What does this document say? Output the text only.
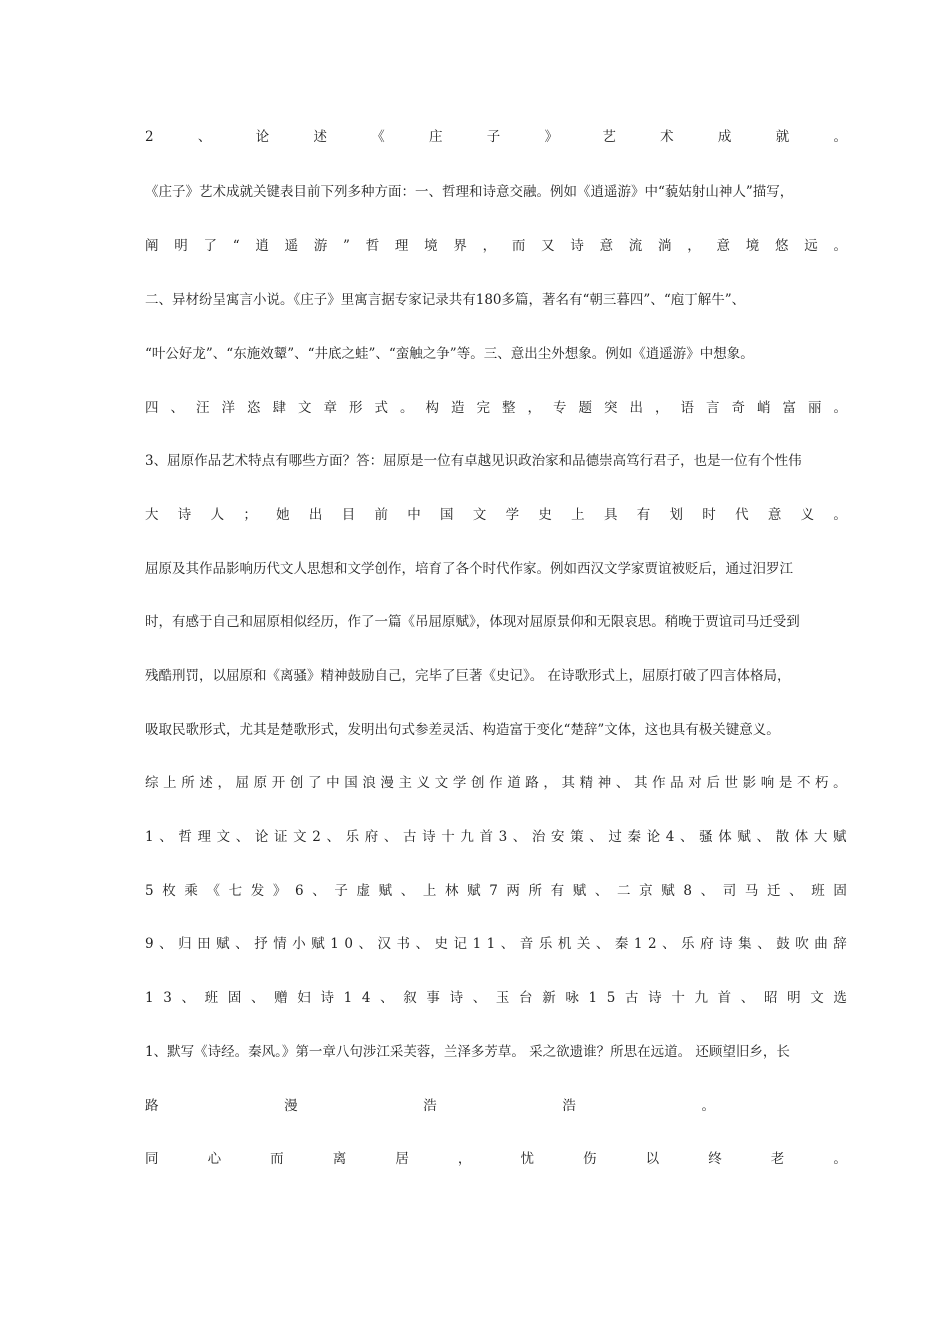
2	、	论	述	《	庄	子	》	艺	术	成	就	。
《庄子》艺术成就关键表目前下列多种方面：一、哲理和诗意交融。例如《逍遥游》中“藐姑射山神人”描写，
阐 明 了 “ 逍 遥 游 ” 哲 理 境 界 ， 而 又 诗 意 流 淌 ， 意 境 悠 远 。
二、异材纷呈寓言小说。《庄子》里寓言据专家记录共有180多篇，著名有“朝三暮四”、“庖丁解牛”、
“叶公好龙”、“东施效颦”、“井底之蛙”、“蛮触之争”等。三、意出尘外想象。例如《逍遥游》中想象。
四 、 汪 洋 恣 肆 文 章 形 式 。 构 造 完 整 ， 专 题 突 出 ， 语 言 奇 峭 富 丽 。
3、屈原作品艺术特点有哪些方面？答：屈原是一位有卓越见识政治家和品德崇高笃行君子，也是一位有个性伟
大 诗 人 ； 她 出 目 前 中 国 文 学 史 上 具 有 划 时 代 意 义 。
屈原及其作品影响历代文人思想和文学创作，培育了各个时代作家。例如西汉文学家贾谊被贬后，通过汨罗江
时，有感于自己和屈原相似经历，作了一篇《吊屈原赋》，体现对屈原景仰和无限哀思。稍晚于贾谊司马迁受到
残酷刑罚，以屈原和《离骚》精神鼓励自己，完毕了巨著《史记》。 在诗歌形式上，屈原打破了四言体格局，
吸取民歌形式，尤其是楚歌形式，发明出句式参差灵活、构造富于变化“楚辞”文体，这也具有极关键意义。
综 上 所 述 ， 屈 原 开 创 了 中 国 浪 漫 主 义 文 学 创 作 道 路 ， 其 精 神 、 其 作 品 对 后 世 影 响 是 不 朽 。
1 、 哲 理 文 、 论 证 文 2 、 乐 府 、 古 诗 十 九 首 3 、 治 安 策 、 过 秦 论 4 、 骚 体 赋 、 散 体 大 赋
5 枚 乘 《 七 发 》 6 、 子 虚 赋 、 上 林 赋 7 两 所 有 赋 、 二 京 赋 8 、 司 马 迁 、 班 固
9 、 归 田 赋 、 抒 情 小 赋 1 0 、 汉 书 、 史 记 1 1 、 音 乐 机 关 、 秦 1 2 、 乐 府 诗 集 、 鼓 吹 曲 辞
1 3 、 班 固 、 赠 妇 诗 1 4 、 叙 事 诗 、 玉 台 新 咏 1 5 古 诗 十 九 首 、 昭 明 文 选
1、默写《诗经。秦风。》第一章八句涉江采芙蓉，兰泽多芳草。 采之欲遗谁？所思在远道。 还顾望旧乡，长
路	漫	浩	浩	。
同	心	而	离	居	，	忧	伤	以	终	老	。
